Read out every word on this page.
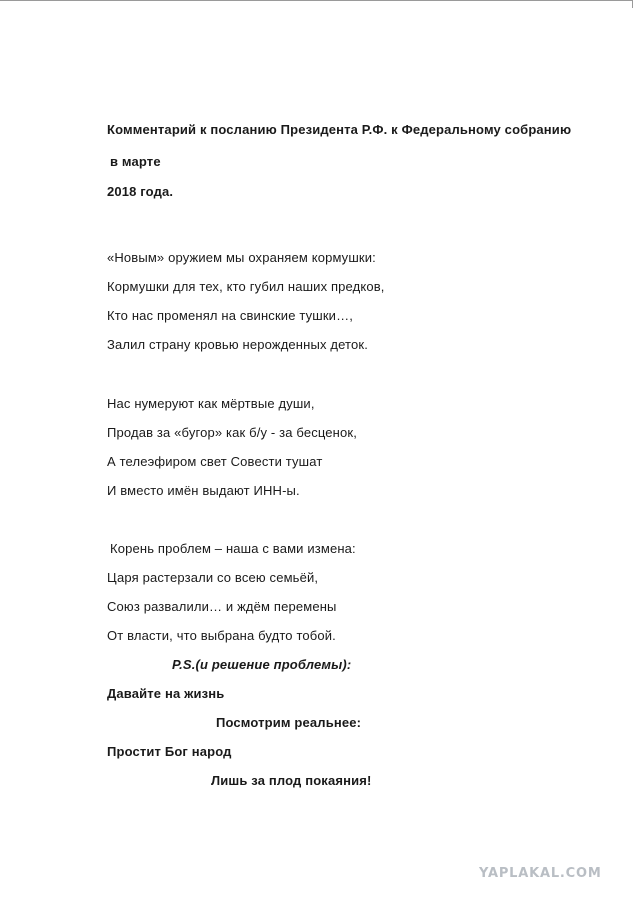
Комментарий к посланию Президента Р.Ф. к Федеральному собранию
в марте
2018 года.
«Новым» оружием мы охраняем кормушки:
Кормушки для тех, кто губил наших предков,
Кто нас променял на свинские тушки…,
Залил страну кровью нерожденных деток.
Нас нумеруют как мёртвые души,
Продав за «бугор» как б/у - за бесценок,
А телеэфиром свет Совести тушат
И вместо имён выдают ИНН-ы.
Корень проблем – наша с вами измена:
Царя растерзали со всею семьёй,
Союз развалили… и ждём перемены
От власти, что выбрана будто тобой.
P.S.(и решение проблемы):
Давайте на жизнь
Посмотрим реальнее:
Простит Бог народ
Лишь за плод покаяния!
YAPLAKAL.COM
